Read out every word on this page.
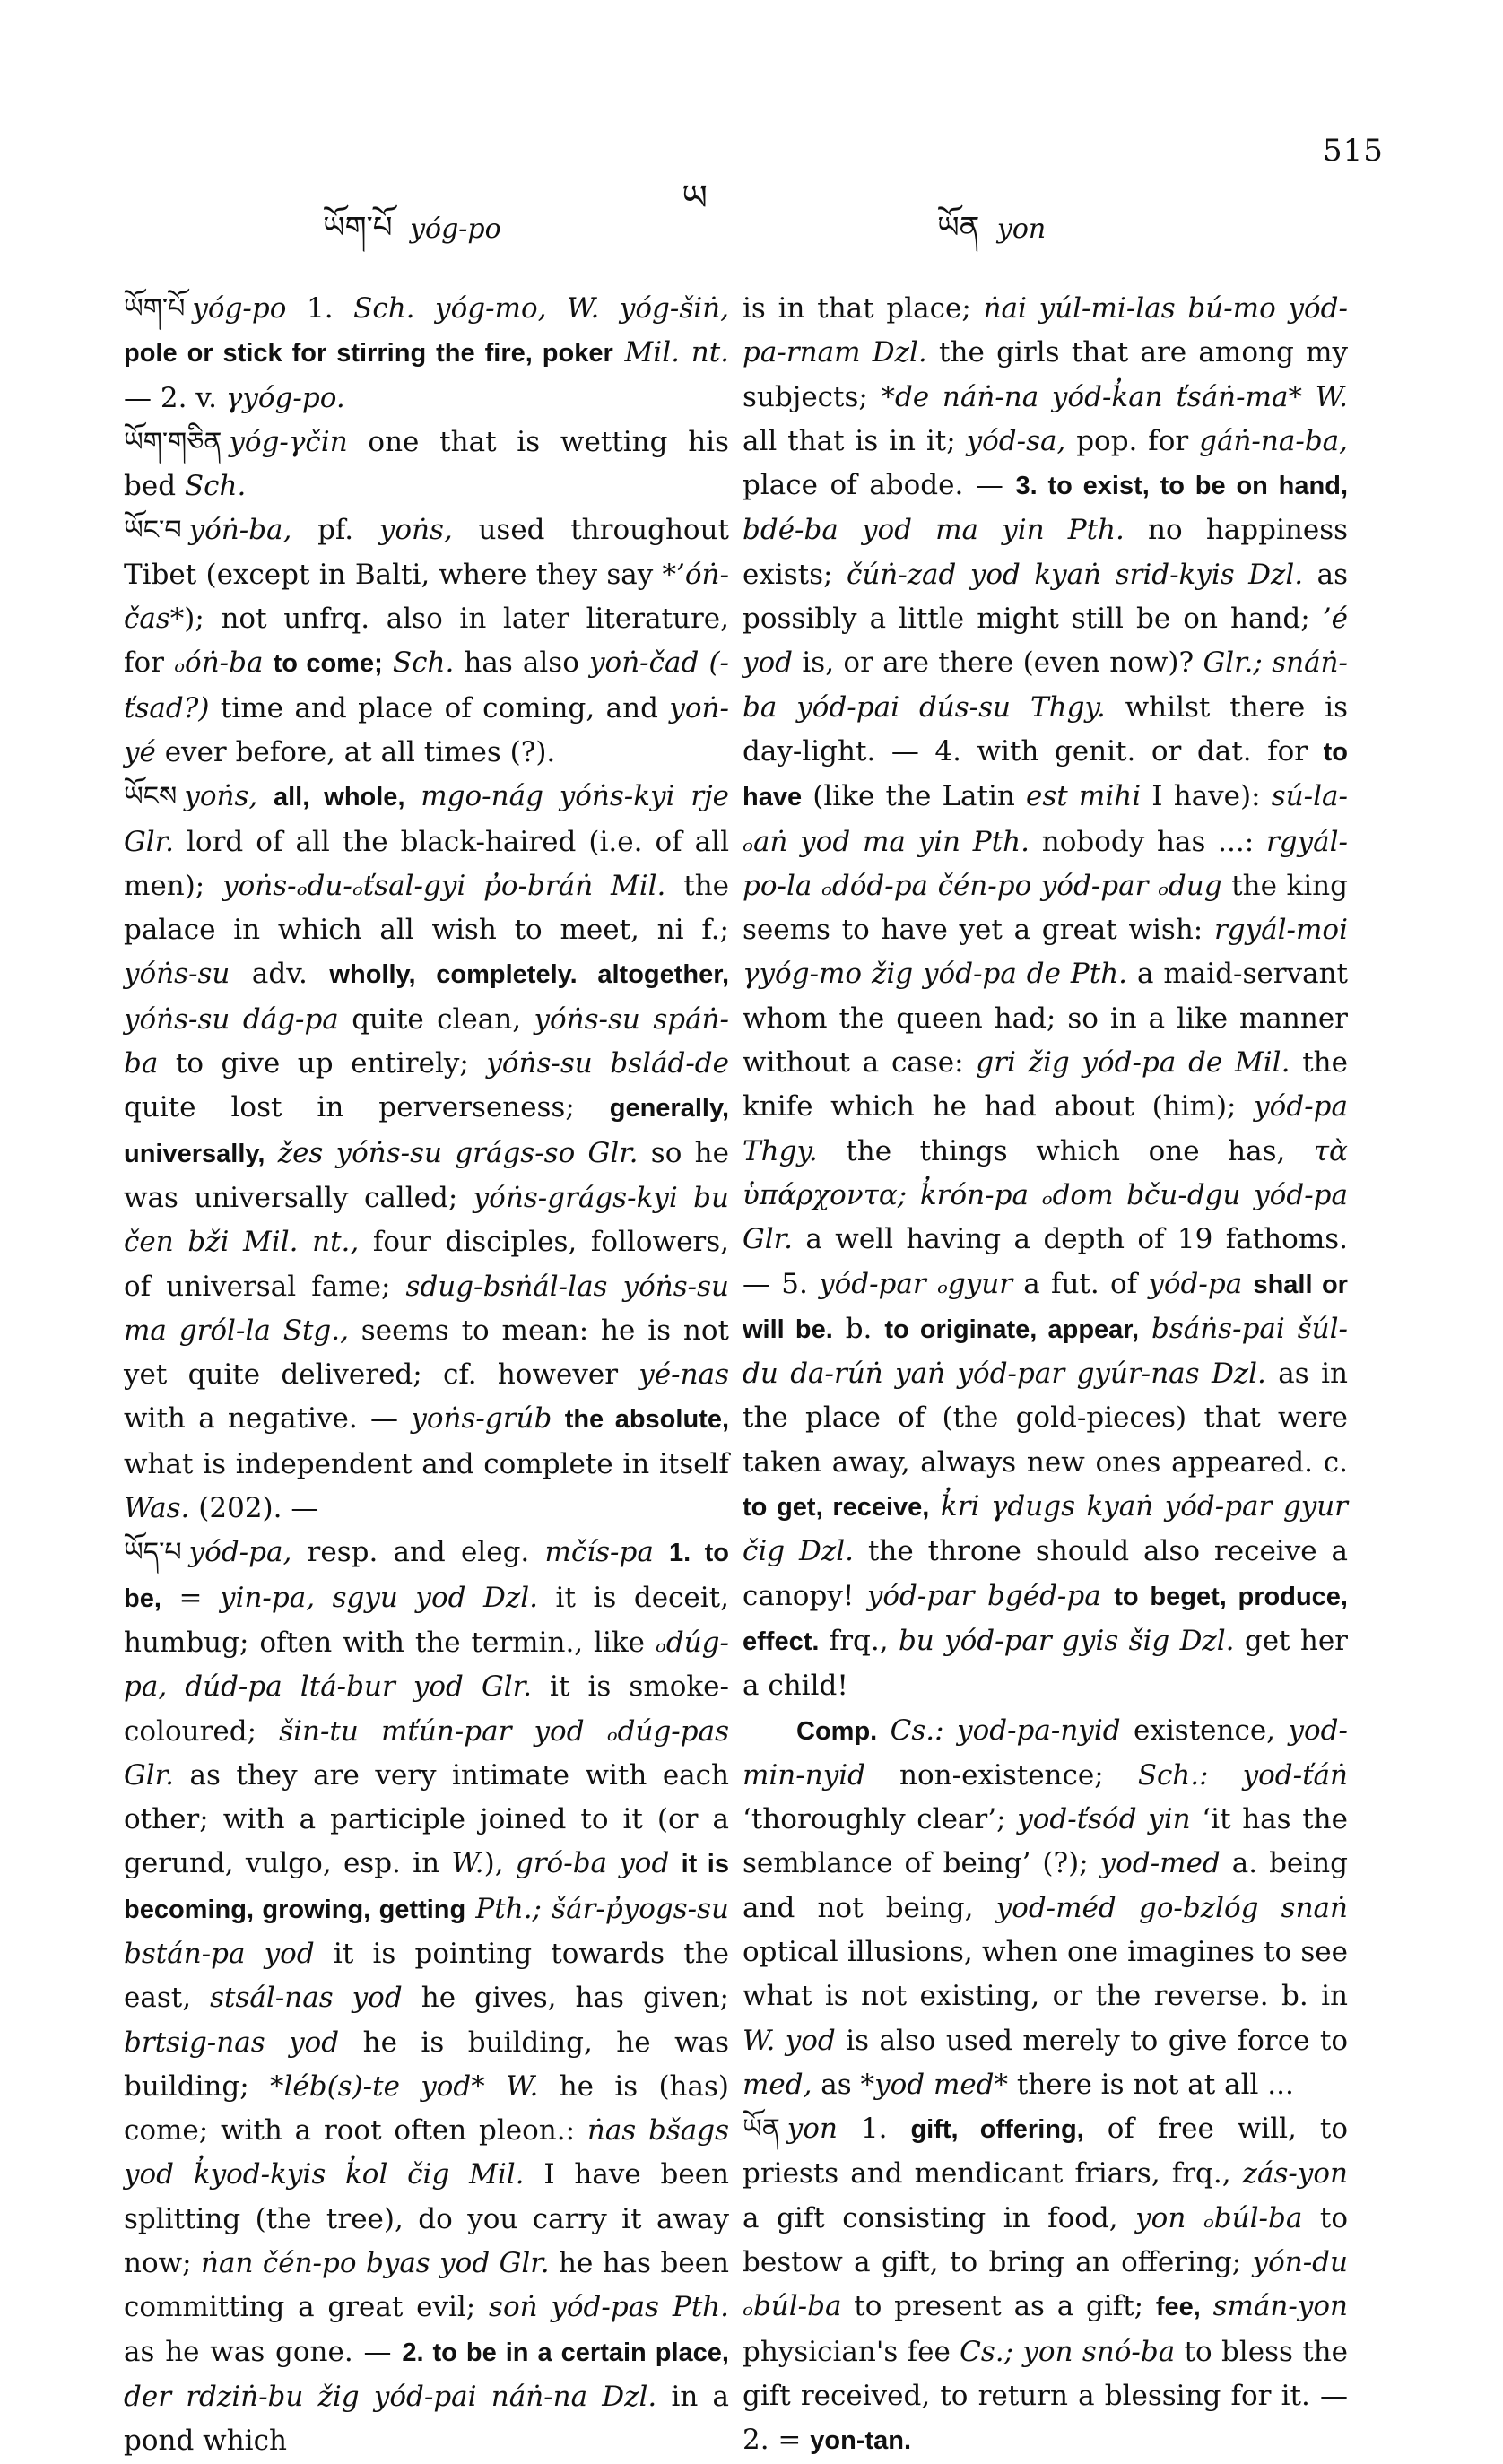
515
ཡོག་པོ yóg-po
ཡ
ཡོན yon

ཡོག་པོ yóg-po 1. Sch. yóg-mo, W. yóg-šiṅ, pole or stick for stirring the fire, poker Mil. nt. — 2. v. γyóg-po.

ཡོག་གཅིན yóg-γčin one that is wetting his bed Sch.

ཡོང་བ yóṅ-ba, pf. yoṅs, used throughout Tibet (except in Balti, where they say *’óṅ-čas*); not unfrq. also in later literature, for ₒóṅ-ba to come; Sch. has also yoṅ-čad (-ťsad?) time and place of coming, and yoṅ-yé ever before, at all times (?).

ཡོངས yoṅs, all, whole, mgo-nág yóṅs-kyi rje Glr. lord of all the black-haired (i.e. of all men); yoṅs-ₒdu-ₒťsal-gyi p̓o-bráṅ Mil. the palace in which all wish to meet, ni f.; yóṅs-su adv. wholly, completely. altogether, yóṅs-su dág-pa quite clean, yóṅs-su spáṅ-ba to give up entirely; yóṅs-su bslád-de quite lost in perverseness; generally, universally, žes yóṅs-su grágs-so Glr. so he was universally called; yóṅs-grágs-kyi bu čen bži Mil. nt., four disciples, followers, of universal fame; sdug-bsṅál-las yóṅs-su ma gról-la Stg., seems to mean: he is not yet quite delivered; cf. however yé-nas with a negative. — yoṅs-grúb the absolute, what is independent and complete in itself Was. (202). —

ཡོད་པ yód-pa, resp. and eleg. mčís-pa 1. to be, = yin-pa, sgyu yod Dzl. it is deceit, humbug; often with the termin., like ₒdúg-pa, dúd-pa ltá-bur yod Glr. it is smoke-coloured; šin-tu mťún-par yod ₒdúg-pas Glr. as they are very intimate with each other; with a participle joined to it (or a gerund, vulgo, esp. in W.), gró-ba yod it is becoming, growing, getting Pth.; šár-p̓yogs-su bstán-pa yod it is pointing towards the east, stsál-nas yod he gives, has given; brtsig-nas yod he is building, he was building; *léb(s)-te yod* W. he is (has) come; with a root often pleon.: ṅas bšags yod k̓yod-kyis k̓ol čig Mil. I have been splitting (the tree), do you carry it away now; ṅan čén-po byas yod Glr. he has been committing a great evil; soṅ yód-pas Pth. as he was gone. — 2. to be in a certain place, der rdziṅ-bu žig yód-pai náṅ-na Dzl. in a pond which

is in that place; ṅai yúl-mi-las bú-mo yód-pa-rnam Dzl. the girls that are among my subjects; *de náṅ-na yód-k̓an ťsáṅ-ma* W. all that is in it; yód-sa, pop. for gáṅ-na-ba, place of abode. — 3. to exist, to be on hand, bdé-ba yod ma yin Pth. no happiness exists; čúṅ-zad yod kyaṅ srid-kyis Dzl. as possibly a little might still be on hand; ’é yod is, or are there (even now)? Glr.; snáṅ-ba yód-pai dús-su Thgy. whilst there is day-light. — 4. with genit. or dat. for to have (like the Latin est mihi I have): sú-la-ₒaṅ yod ma yin Pth. nobody has ...: rgyál-po-la ₒdód-pa čén-po yód-par ₒdug the king seems to have yet a great wish: rgyál-moi γyóg-mo žig yód-pa de Pth. a maid-servant whom the queen had; so in a like manner without a case: gri žig yód-pa de Mil. the knife which he had about (him); yód-pa Thgy. the things which one has, τὰ ὑπάρχοντα; k̓rón-pa ₒdom bču-dgu yód-pa Glr. a well having a depth of 19 fathoms. — 5. yód-par ₒgyur a fut. of yód-pa shall or will be. b. to originate, appear, bsáṅs-pai šúl-du da-rúṅ yaṅ yód-par gyúr-nas Dzl. as in the place of (the gold-pieces) that were taken away, always new ones appeared. c. to get, receive, k̓ri γdugs kyaṅ yód-par gyur čig Dzl. the throne should also receive a canopy! yód-par bgéd-pa to beget, produce, effect. frq., bu yód-par gyis šig Dzl. get her a child!

Comp. Cs.: yod-pa-nyid existence, yod-min-nyid non-existence; Sch.: yod-ťáṅ ‘thoroughly clear’; yod-ťsód yin ‘it has the semblance of being’ (?); yod-med a. being and not being, yod-méd go-bzlóg snaṅ optical illusions, when one imagines to see what is not existing, or the reverse. b. in W. yod is also used merely to give force to med, as *yod med* there is not at all ...

ཡོན yon 1. gift, offering, of free will, to priests and mendicant friars, frq., zás-yon a gift consisting in food, yon ₒbúl-ba to bestow a gift, to bring an offering; yón-du ₒbúl-ba to present as a gift; fee, smán-yon physician's fee Cs.; yon snó-ba to bless the gift received, to return a blessing for it. — 2. = yon-tan.
